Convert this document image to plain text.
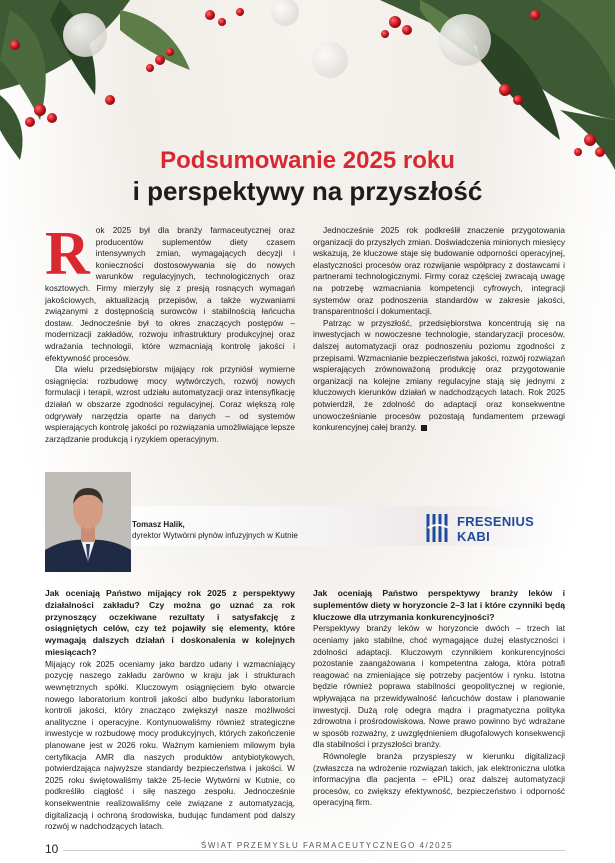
Podsumowanie 2025 roku
i perspektywy na przyszłość
R ok 2025 był dla branży farmaceutycznej oraz producentów suplementów diety czasem intensywnych zmian, wymagających decyzji i konieczności dostosowywania się do nowych warunków regulacyjnych, technologicznych oraz kosztowych. Firmy mierzyły się z presją rosnących wymagań jakościowych, aktualizacją przepisów, a także wyzwaniami związanymi z dostępnością surowców i stabilnością łańcucha dostaw. Jednocześnie był to okres znaczących postępów – modernizacji zakładów, rozwoju infrastruktury produkcyjnej oraz wdrażania technologii, które wzmacniają kontrolę jakości i efektywność procesów.

Dla wielu przedsiębiorstw mijający rok przyniósł wymierne osiągnięcia: rozbudowę mocy wytwórczych, rozwój nowych formulacji i terapii, wzrost udziału automatyzacji oraz intensyfikację działań w obszarze zgodności regulacyjnej. Coraz większą rolę odgrywały narzędzia oparte na danych – od systemów wspierających kontrolę jakości po rozwiązania umożliwiające lepsze zarządzanie produkcją i ryzykiem operacyjnym.

Jednocześnie 2025 rok podkreślił znaczenie przygotowania organizacji do przyszłych zmian. Doświadczenia minionych miesięcy wskazują, że kluczowe staje się budowanie odporności operacyjnej, elastyczności procesów oraz rozwijanie współpracy z dostawcami i partnerami technologicznymi. Firmy coraz częściej zwracają uwagę na potrzebę wzmacniania kompetencji cyfrowych, integracji systemów oraz podnoszenia standardów w zakresie jakości, transparentności i dokumentacji.

Patrząc w przyszłość, przedsiębiorstwa koncentrują się na inwestycjach w nowoczesne technologie, standaryzacji procesów, dalszej automatyzacji oraz podnoszeniu poziomu zgodności z przepisami. Wzmacnianie bezpieczeństwa jakości, rozwój rozwiązań wspierających zrównoważoną produkcję oraz przygotowanie organizacji na kolejne zmiany regulacyjne stają się jednymi z kluczowych kierunków działań w nadchodzących latach. Rok 2025 potwierdził, że zdolność do adaptacji oraz konsekwentne unowocześnianie procesów pozostają fundamentem przewagi konkurencyjnej całej branży.

Tomasz Halik,
dyrektor Wytwórni płynów infuzyjnych w Kutnie
FRESENIUS
KABI

Jak oceniają Państwo mijający rok 2025 z perspektywy działalności zakładu? Czy można go uznać za rok przynoszący oczekiwane rezultaty i satysfakcję z osiągniętych celów, czy też pojawiły się elementy, które wymagają dalszych działań i doskonalenia w kolejnych miesiącach?

Mijający rok 2025 oceniamy jako bardzo udany i wzmacniający pozycję naszego zakładu zarówno w kraju jak i strukturach wewnętrznych spółki. Kluczowym osiągnięciem było otwarcie nowego laboratorium kontroli jakości albo budynku laboratorium kontroli jakości, który znacząco zwiększył nasze możliwości analityczne i operacyjne. Kontynuowaliśmy również strategiczne inwestycje w rozbudowę mocy produkcyjnych, których zakończenie planowane jest w 2026 roku. Ważnym kamieniem milowym była certyfikacja AMR dla naszych produktów antybiotykowych, potwierdzająca najwyższe standardy bezpieczeństwa i jakości. W 2025 roku świętowaliśmy także 25-lecie Wytwórni w Kutnie, co podkreśliło ciągłość i siłę naszego zespołu. Jednocześnie konsekwentnie realizowaliśmy cele związane z automatyzacją, digitalizacją i ochroną środowiska, budując fundament pod dalszy rozwój w nadchodzących latach.

Jak oceniają Państwo perspektywy branży leków i suplementów diety w horyzoncie 2–3 lat i które czynniki będą kluczowe dla utrzymania konkurencyjności?

Perspektywy branży leków w horyzoncie dwóch – trzech lat oceniamy jako stabilne, choć wymagające dużej elastyczności i zdolności adaptacji. Kluczowym czynnikiem konkurencyjności pozostanie zaangażowana i kompetentna załoga, która potrafi reagować na zmieniające się potrzeby pacjentów i rynku. Istotna będzie również poprawa stabilności geopolitycznej w regionie, wpływająca na przewidywalność łańcuchów dostaw i planowanie inwestycji. Dużą rolę odegra mądra i pragmatyczna polityka zdrowotna i prośrodowiskowa. Nowe prawo powinno być wdrażane w sposób rozważny, z uwzględnieniem długofalowych konsekwencji dla stabilności i przyszłości branży.

Równolegle branża przyspieszy w kierunku digitalizacji (zwłaszcza na wdrożenie rozwiązań takich, jak elektroniczna ulotka informacyjna dla pacjenta – ePIL) oraz dalszej automatyzacji procesów, co zwiększy efektywność, bezpieczeństwo i odporność operacyjną firm.

10	ŚWIAT PRZEMYSŁU FARMACEUTYCZNEGO 4/2025
